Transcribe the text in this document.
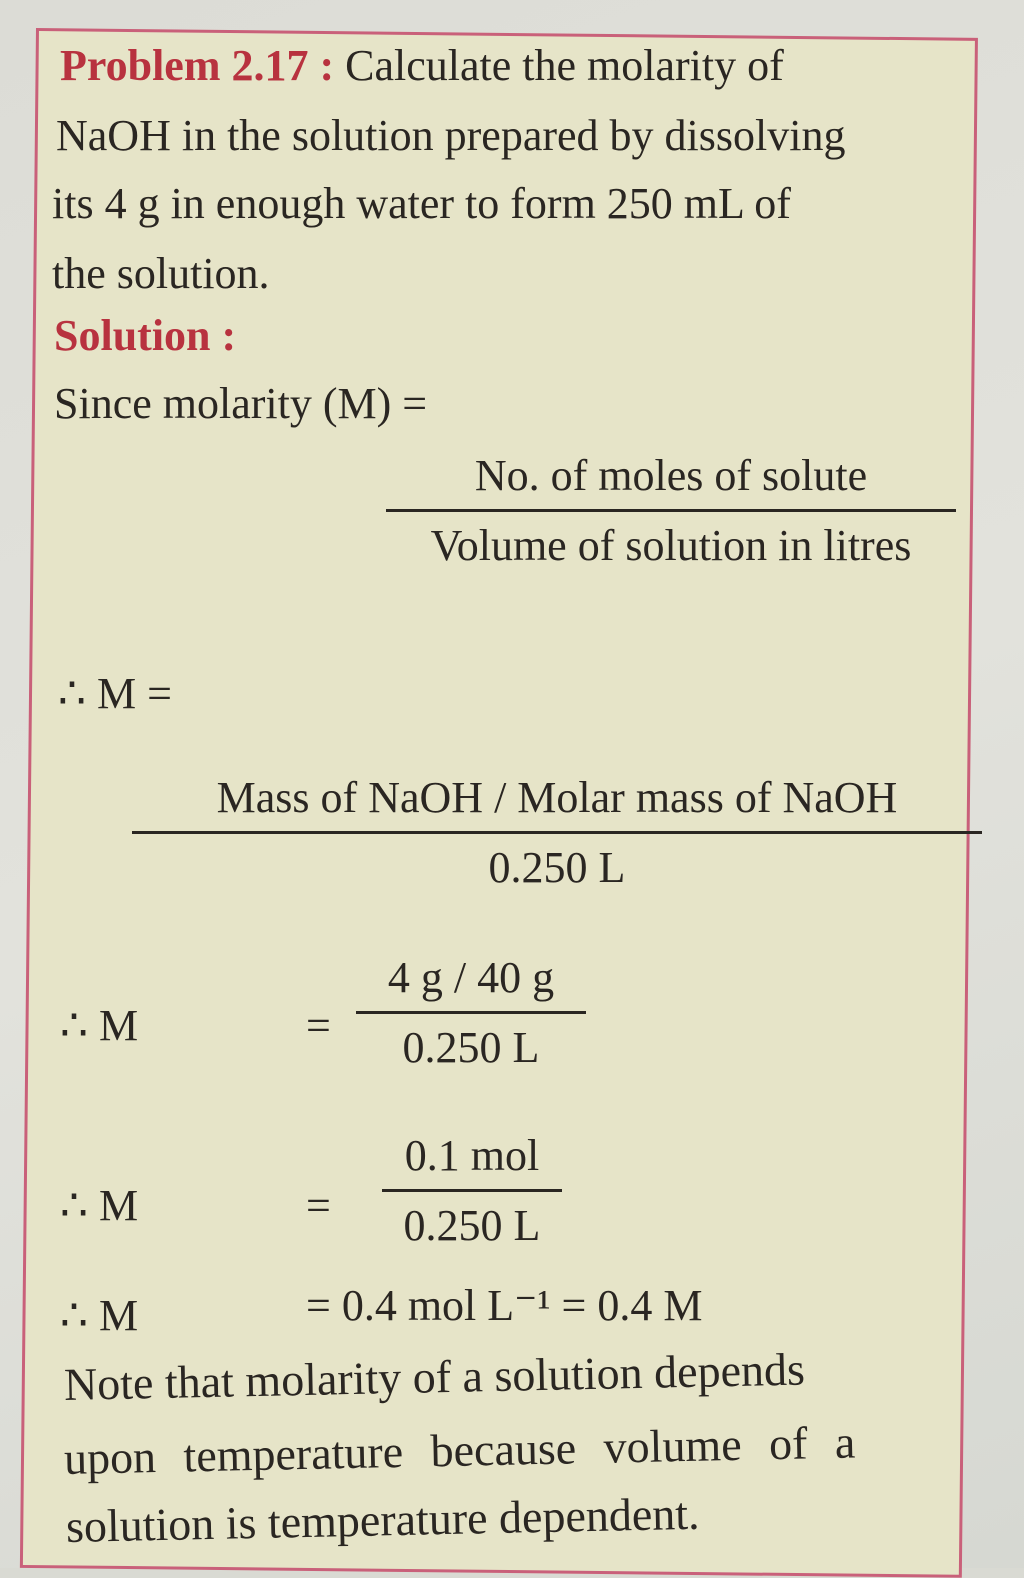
Problem 2.17 : Calculate the molarity of
NaOH in the solution prepared by dissolving
its 4 g in enough water to form 250 mL of
the solution.
Solution :
Since molarity (M) =
No. of moles of solute
Volume of solution in litres
∴ M =
Mass of NaOH / Molar mass of NaOH
0.250 L
∴ M	=
4 g / 40 g
0.250 L
∴ M	=
0.1 mol
0.250 L
∴ M	= 0.4 mol L⁻¹ = 0.4 M
Note that molarity of a solution depends
upon temperature because volume of a
solution is temperature dependent.
